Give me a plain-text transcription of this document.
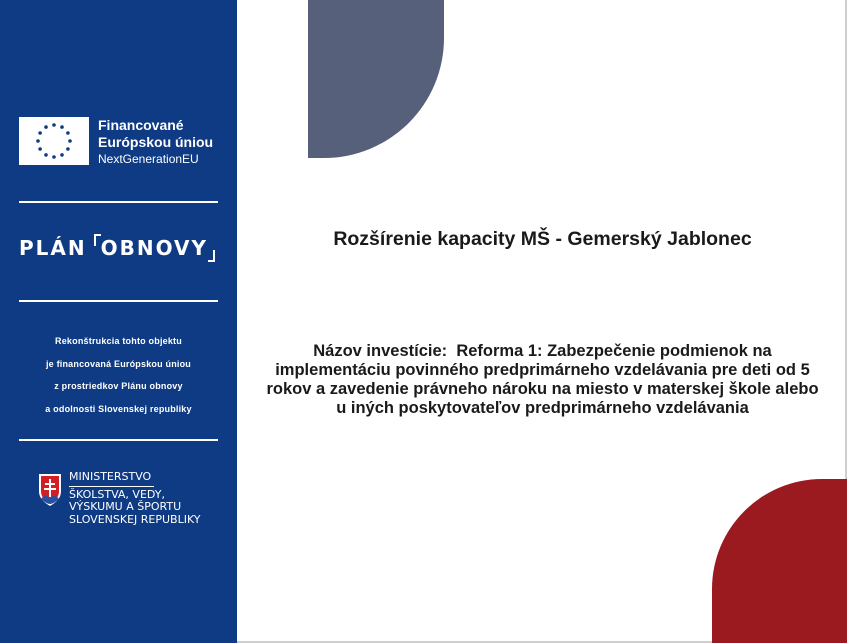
Financované
Európskou úniou
NextGenerationEU
PLÁN OBNOVY
Rekonštrukcia tohto objektu
je financovaná Európskou úniou
z prostriedkov Plánu obnovy
a odolnosti Slovenskej republiky
MINISTERSTVO
ŠKOLSTVA, VEDY,
VÝSKUMU A ŠPORTU
SLOVENSKEJ REPUBLIKY
Rozšírenie kapacity MŠ - Gemerský Jablonec
Názov investície: Reforma 1: Zabezpečenie podmienok na implementáciu povinného predprimárneho vzdelávania pre deti od 5 rokov a zavedenie právneho nároku na miesto v materskej škole alebo u iných poskytovateľov predprimárneho vzdelávania
